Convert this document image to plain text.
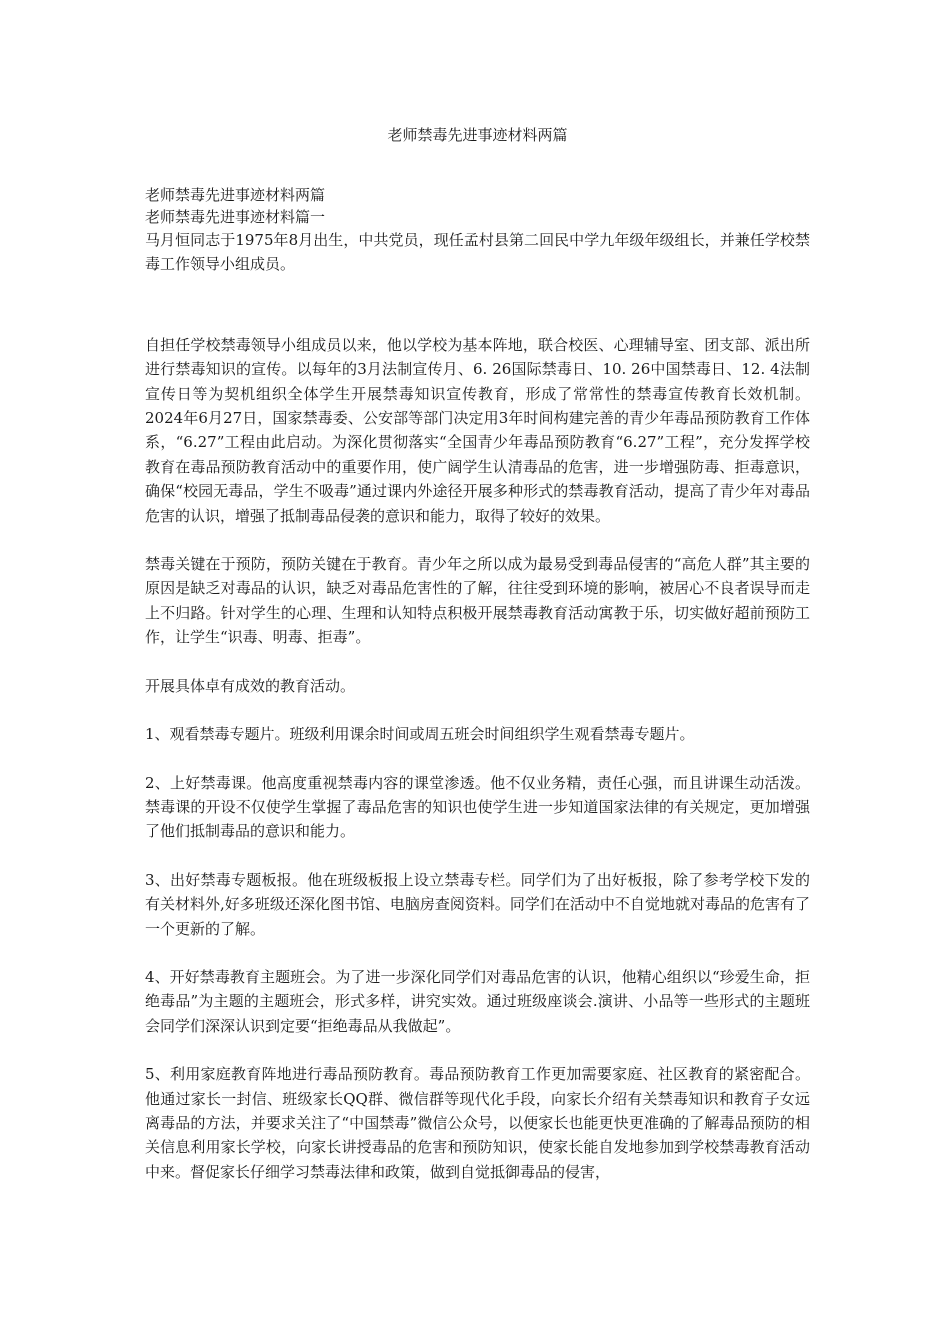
老师禁毒先进事迹材料两篇

老师禁毒先进事迹材料两篇

老师禁毒先进事迹材料篇一

马月恒同志于1975年8月出生，中共党员，现任孟村县第二回民中学九年级年级组长，并兼任学校禁毒工作领导小组成员。

自担任学校禁毒领导小组成员以来，他以学校为基本阵地，联合校医、心理辅导室、团支部、派出所进行禁毒知识的宣传。以每年的3月法制宣传月、6. 26国际禁毒日、10. 26中国禁毒日、12. 4法制宣传日等为契机组织全体学生开展禁毒知识宣传教育，形成了常常性的禁毒宣传教育长效机制。2024年6月27日，国家禁毒委、公安部等部门决定用3年时间构建完善的青少年毒品预防教育工作体系，“6.27”工程由此启动。为深化贯彻落实“全国青少年毒品预防教育“6.27”工程”，充分发挥学校教育在毒品预防教育活动中的重要作用，使广阔学生认清毒品的危害，进一步增强防毒、拒毒意识，确保“校园无毒品，学生不吸毒”通过课内外途径开展多种形式的禁毒教育活动，提高了青少年对毒品危害的认识，增强了抵制毒品侵袭的意识和能力，取得了较好的效果。

禁毒关键在于预防，预防关键在于教育。青少年之所以成为最易受到毒品侵害的“高危人群”其主要的原因是缺乏对毒品的认识，缺乏对毒品危害性的了解，往往受到环境的影响，被居心不良者误导而走上不归路。针对学生的心理、生理和认知特点积极开展禁毒教育活动寓教于乐，切实做好超前预防工作，让学生“识毒、明毒、拒毒”。

开展具体卓有成效的教育活动。

1、观看禁毒专题片。班级利用课余时间或周五班会时间组织学生观看禁毒专题片。

2、上好禁毒课。他高度重视禁毒内容的课堂渗透。他不仅业务精，责任心强，而且讲课生动活泼。禁毒课的开设不仅使学生掌握了毒品危害的知识也使学生进一步知道国家法律的有关规定，更加增强了他们抵制毒品的意识和能力。

3、出好禁毒专题板报。他在班级板报上设立禁毒专栏。同学们为了出好板报，除了参考学校下发的有关材料外,好多班级还深化图书馆、电脑房查阅资料。同学们在活动中不自觉地就对毒品的危害有了一个更新的了解。

4、开好禁毒教育主题班会。为了进一步深化同学们对毒品危害的认识，他精心组织以“珍爱生命，拒绝毒品”为主题的主题班会，形式多样，讲究实效。通过班级座谈会.演讲、小品等一些形式的主题班会同学们深深认识到定要“拒绝毒品从我做起”。

5、利用家庭教育阵地进行毒品预防教育。毒品预防教育工作更加需要家庭、社区教育的紧密配合。他通过家长一封信、班级家长QQ群、微信群等现代化手段，向家长介绍有关禁毒知识和教育子女远离毒品的方法，并要求关注了“中国禁毒”微信公众号，以便家长也能更快更准确的了解毒品预防的相关信息利用家长学校，向家长讲授毒品的危害和预防知识，使家长能自发地参加到学校禁毒教育活动中来。督促家长仔细学习禁毒法律和政策，做到自觉抵御毒品的侵害，
